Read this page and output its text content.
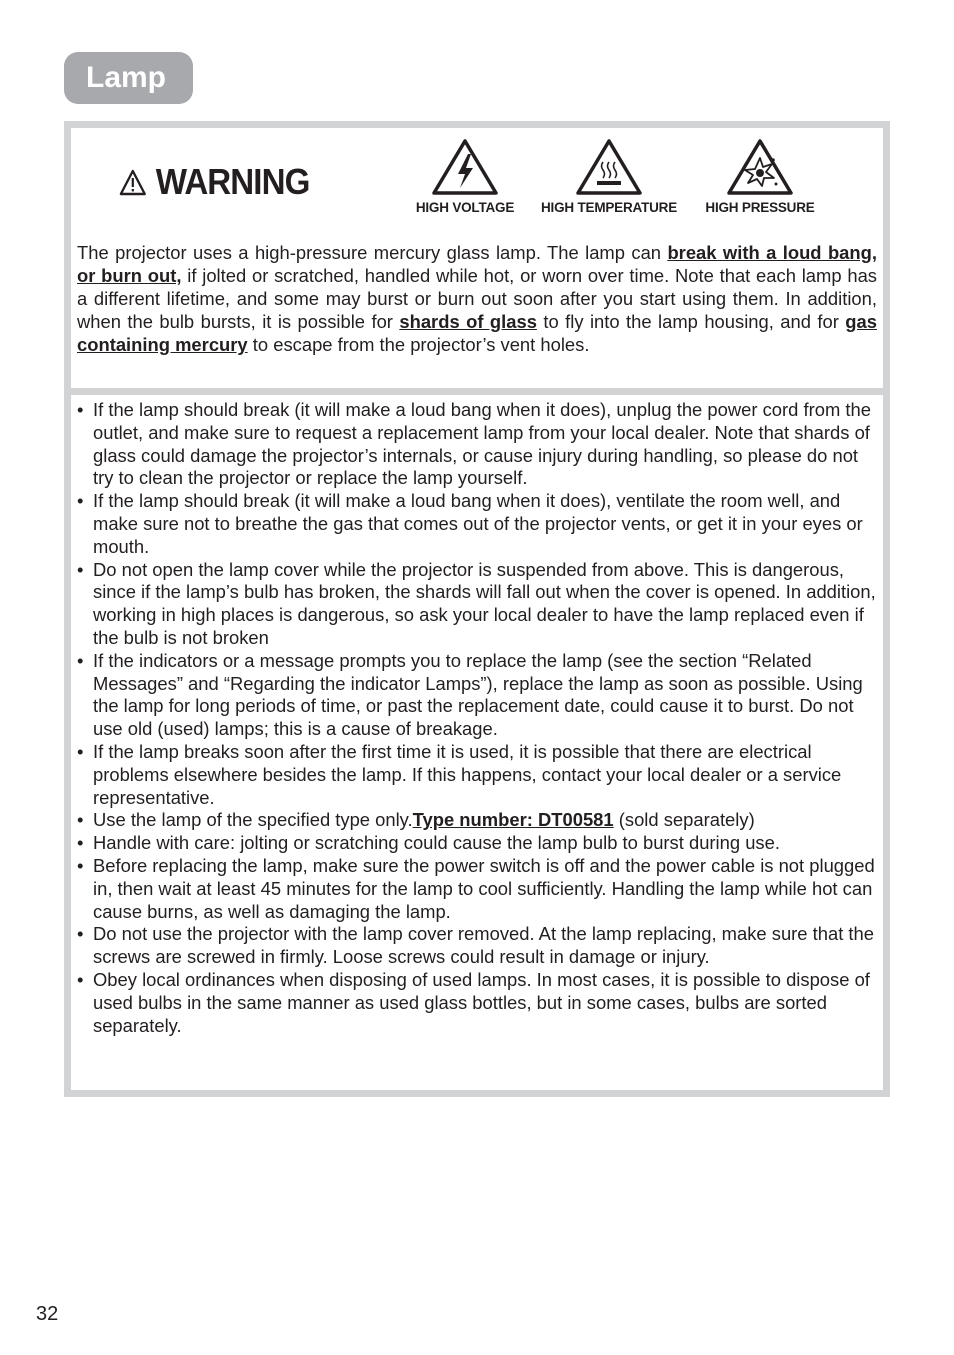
Lamp
WARNING
HIGH VOLTAGE	HIGH TEMPERATURE	HIGH PRESSURE
The projector uses a high-pressure mercury glass lamp. The lamp can break with a loud bang, or burn out, if jolted or scratched, handled while hot, or worn over time. Note that each lamp has a different lifetime, and some may burst or burn out soon after you start using them. In addition, when the bulb bursts, it is possible for shards of glass to fly into the lamp housing, and for gas containing mercury to escape from the projector’s vent holes.
• If the lamp should break (it will make a loud bang when it does), unplug the power cord from the outlet, and make sure to request a replacement lamp from your local dealer. Note that shards of glass could damage the projector’s internals, or cause injury during handling, so please do not try to clean the projector or replace the lamp yourself.
• If the lamp should break (it will make a loud bang when it does), ventilate the room well, and make sure not to breathe the gas that comes out of the projector vents, or get it in your eyes or mouth.
• Do not open the lamp cover while the projector is suspended from above. This is dangerous, since if the lamp’s bulb has broken, the shards will fall out when the cover is opened. In addition, working in high places is dangerous, so ask your local dealer to have the lamp replaced even if the bulb is not broken
• If the indicators or a message prompts you to replace the lamp (see the section “Related Messages” and “Regarding the indicator Lamps”), replace the lamp as soon as possible. Using the lamp for long periods of time, or past the replacement date, could cause it to burst. Do not use old (used) lamps; this is a cause of breakage.
• If the lamp breaks soon after the first time it is used, it is possible that there are electrical problems elsewhere besides the lamp. If this happens, contact your local dealer or a service representative.
• Use the lamp of the specified type only.Type number: DT00581 (sold separately)
• Handle with care: jolting or scratching could cause the lamp bulb to burst during use.
• Before replacing the lamp, make sure the power switch is off and the power cable is not plugged in, then wait at least 45 minutes for the lamp to cool sufficiently. Handling the lamp while hot can cause burns, as well as damaging the lamp.
• Do not use the projector with the lamp cover removed. At the lamp replacing, make sure that the screws are screwed in firmly. Loose screws could result in damage or injury.
• Obey local ordinances when disposing of used lamps. In most cases, it is possible to dispose of used bulbs in the same manner as used glass bottles, but in some cases, bulbs are sorted separately.
32
